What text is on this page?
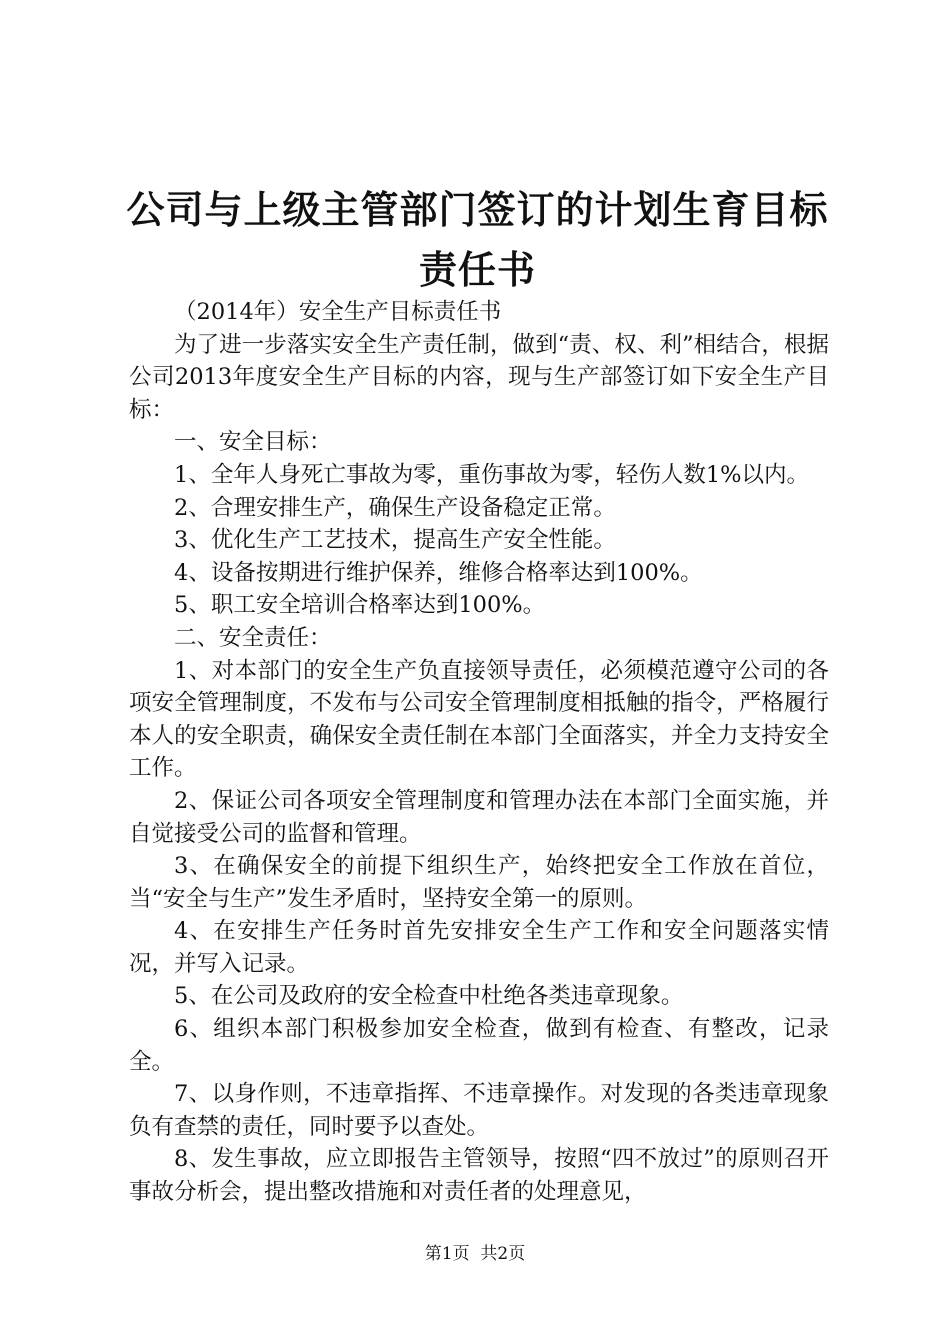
公司与上级主管部门签订的计划生育目标责任书

（2014年）安全生产目标责任书

为了进一步落实安全生产责任制，做到“责、权、利”相结合，根据公司2013年度安全生产目标的内容，现与生产部签订如下安全生产目标：

一、安全目标：

1、全年人身死亡事故为零，重伤事故为零，轻伤人数1%以内。

2、合理安排生产，确保生产设备稳定正常。

3、优化生产工艺技术，提高生产安全性能。

4、设备按期进行维护保养，维修合格率达到100%。

5、职工安全培训合格率达到100%。

二、安全责任：

1、对本部门的安全生产负直接领导责任，必须模范遵守公司的各项安全管理制度，不发布与公司安全管理制度相抵触的指令，严格履行本人的安全职责，确保安全责任制在本部门全面落实，并全力支持安全工作。

2、保证公司各项安全管理制度和管理办法在本部门全面实施，并自觉接受公司的监督和管理。

3、在确保安全的前提下组织生产，始终把安全工作放在首位，当“安全与生产”发生矛盾时，坚持安全第一的原则。

4、在安排生产任务时首先安排安全生产工作和安全问题落实情况，并写入记录。

5、在公司及政府的安全检查中杜绝各类违章现象。

6、组织本部门积极参加安全检查，做到有检查、有整改，记录全。

7、以身作则，不违章指挥、不违章操作。对发现的各类违章现象负有查禁的责任，同时要予以查处。

8、发生事故，应立即报告主管领导，按照“四不放过”的原则召开事故分析会，提出整改措施和对责任者的处理意见，

第1页 共2页
